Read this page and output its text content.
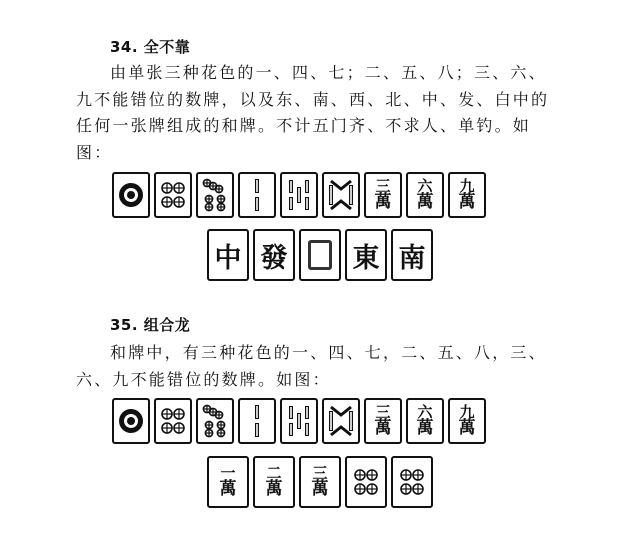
34. 全不靠
由单张三种花色的一、四、七；二、五、八；三、六、
九不能错位的数牌，以及东、南、西、北、中、发、白中的
任何一张牌组成的和牌。不计五门齐、不求人、单钓。如
图：
三
萬
六
萬
九
萬
中 發 東 南
35. 组合龙
和牌中，有三种花色的一、四、七，二、五、八，三、
六、九不能错位的数牌。如图：
三
萬
六
萬
九
萬
一
萬
二
萬
三
萬
